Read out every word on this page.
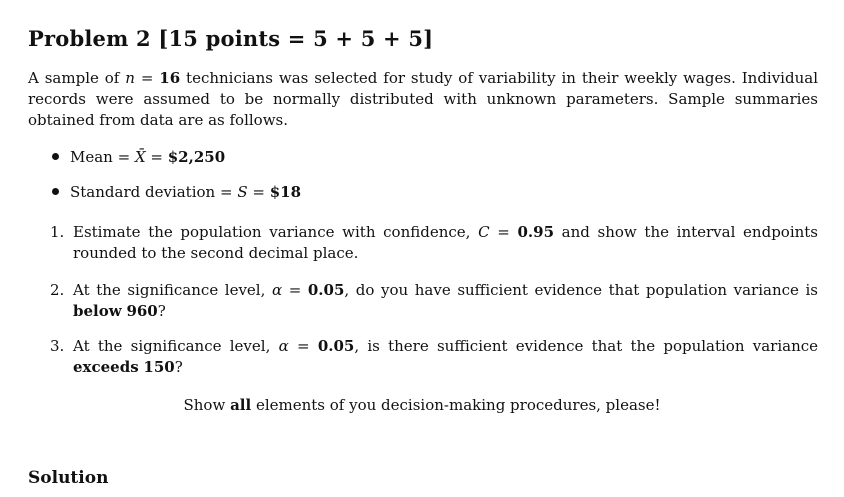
Problem 2 [15 points = 5 + 5 + 5]
A sample of n = 16 technicians was selected for study of variability in their weekly wages. Individual records were assumed to be normally distributed with unknown parameters. Sample summaries obtained from data are as follows.
Mean = X̄ = $2,250
Standard deviation = S = $18
1. Estimate the population variance with confidence, C = 0.95 and show the interval endpoints rounded to the second decimal place.
2. At the significance level, α = 0.05, do you have sufficient evidence that population variance is below 960?
3. At the significance level, α = 0.05, is there sufficient evidence that the population variance exceeds 150?
Show all elements of you decision-making procedures, please!
Solution
